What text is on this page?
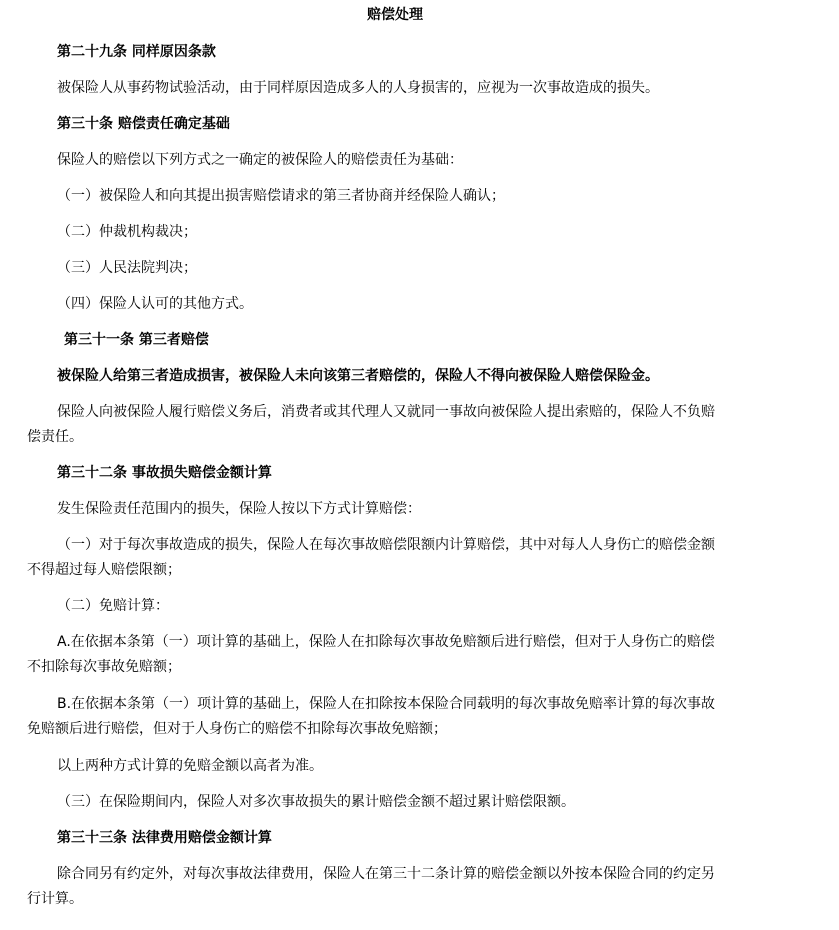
赔偿处理
第二十九条 同样原因条款
被保险人从事药物试验活动，由于同样原因造成多人的人身损害的，应视为一次事故造成的损失。
第三十条 赔偿责任确定基础
保险人的赔偿以下列方式之一确定的被保险人的赔偿责任为基础：
（一）被保险人和向其提出损害赔偿请求的第三者协商并经保险人确认；
（二）仲裁机构裁决；
（三）人民法院判决；
（四）保险人认可的其他方式。
第三十一条 第三者赔偿
被保险人给第三者造成损害，被保险人未向该第三者赔偿的，保险人不得向被保险人赔偿保险金。
保险人向被保险人履行赔偿义务后，消费者或其代理人又就同一事故向被保险人提出索赔的，保险人不负赔
偿责任。
第三十二条 事故损失赔偿金额计算
发生保险责任范围内的损失，保险人按以下方式计算赔偿：
（一）对于每次事故造成的损失，保险人在每次事故赔偿限额内计算赔偿，其中对每人人身伤亡的赔偿金额
不得超过每人赔偿限额；
（二）免赔计算：
A.在依据本条第（一）项计算的基础上，保险人在扣除每次事故免赔额后进行赔偿，但对于人身伤亡的赔偿
不扣除每次事故免赔额；
B.在依据本条第（一）项计算的基础上，保险人在扣除按本保险合同载明的每次事故免赔率计算的每次事故
免赔额后进行赔偿，但对于人身伤亡的赔偿不扣除每次事故免赔额；
以上两种方式计算的免赔金额以高者为准。
（三）在保险期间内，保险人对多次事故损失的累计赔偿金额不超过累计赔偿限额。
第三十三条 法律费用赔偿金额计算
除合同另有约定外，对每次事故法律费用，保险人在第三十二条计算的赔偿金额以外按本保险合同的约定另
行计算。
